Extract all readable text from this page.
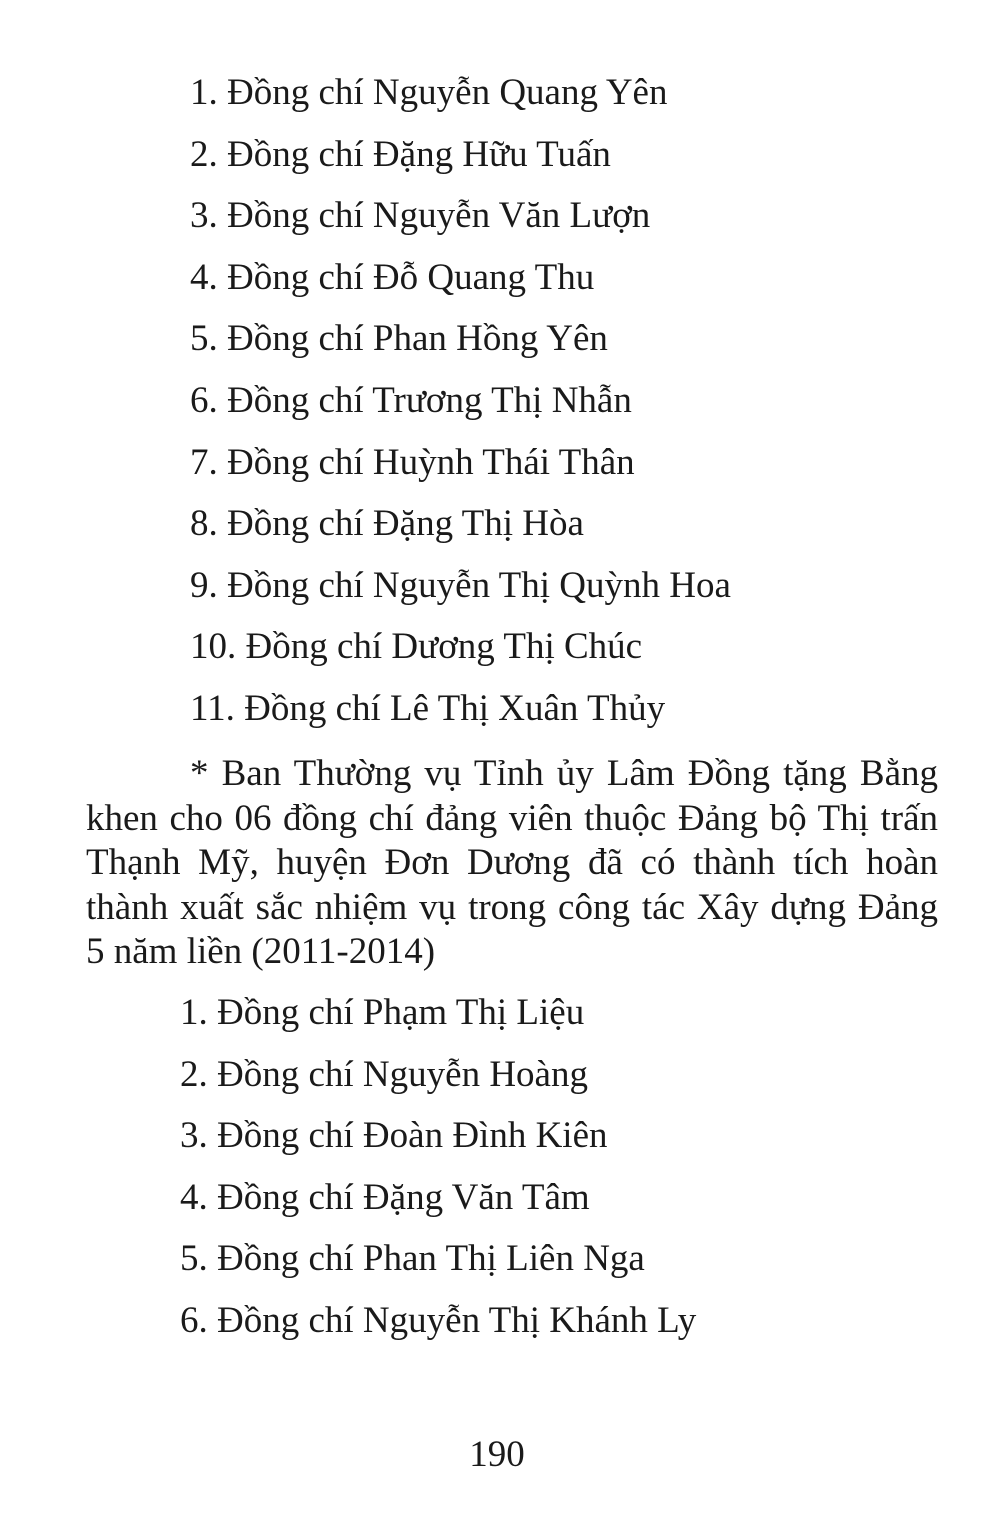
1. Đồng chí Nguyễn Quang Yên
2. Đồng chí Đặng Hữu Tuấn
3. Đồng chí Nguyễn Văn Lượn
4. Đồng chí Đỗ Quang Thu
5. Đồng chí Phan Hồng Yên
6. Đồng chí Trương Thị Nhẫn
7. Đồng chí Huỳnh Thái Thân
8. Đồng chí Đặng Thị Hòa
9. Đồng chí Nguyễn Thị Quỳnh Hoa
10. Đồng chí Dương Thị Chúc
11. Đồng chí Lê Thị Xuân Thủy

* Ban Thường vụ Tỉnh ủy Lâm Đồng tặng Bằng khen cho 06 đồng chí đảng viên thuộc Đảng bộ Thị trấn Thạnh Mỹ, huyện Đơn Dương đã có thành tích hoàn thành xuất sắc nhiệm vụ trong công tác Xây dựng Đảng 5 năm liền (2011-2014)

1. Đồng chí Phạm Thị Liệu
2. Đồng chí Nguyễn Hoàng
3. Đồng chí Đoàn Đình Kiên
4. Đồng chí Đặng Văn Tâm
5. Đồng chí Phan Thị Liên Nga
6. Đồng chí Nguyễn Thị Khánh Ly
190
